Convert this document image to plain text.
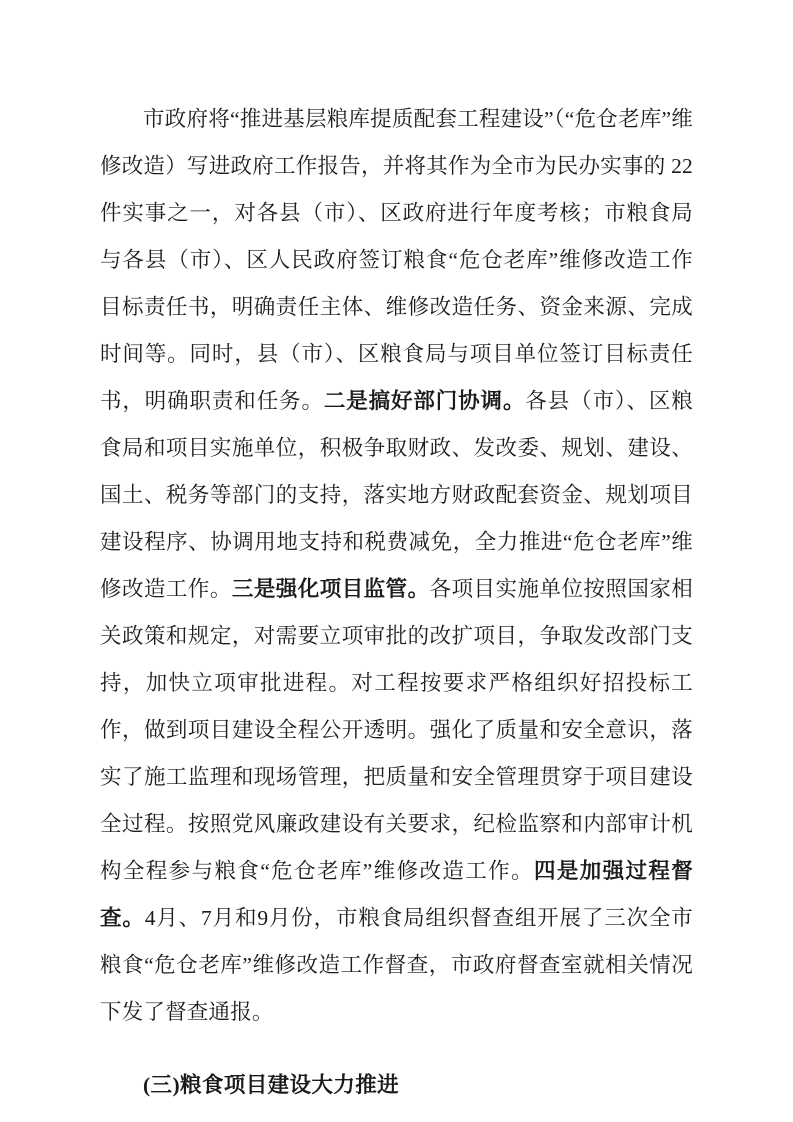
市政府将“推进基层粮库提质配套工程建设”（“危仓老库”维修改造）写进政府工作报告，并将其作为全市为民办实事的 22 件实事之一，对各县（市）、区政府进行年度考核；市粮食局与各县（市）、区人民政府签订粮食“危仓老库”维修改造工作目标责任书，明确责任主体、维修改造任务、资金来源、完成时间等。同时，县（市）、区粮食局与项目单位签订目标责任书，明确职责和任务。二是搞好部门协调。各县（市）、区粮食局和项目实施单位，积极争取财政、发改委、规划、建设、国土、税务等部门的支持，落实地方财政配套资金、规划项目建设程序、协调用地支持和税费减免，全力推进“危仓老库”维修改造工作。三是强化项目监管。各项目实施单位按照国家相关政策和规定，对需要立项审批的改扩项目，争取发改部门支持，加快立项审批进程。对工程按要求严格组织好招投标工作，做到项目建设全程公开透明。强化了质量和安全意识，落实了施工监理和现场管理，把质量和安全管理贯穿于项目建设全过程。按照党风廉政建设有关要求，纪检监察和内部审计机构全程参与粮食“危仓老库”维修改造工作。四是加强过程督查。4月、7月和9月份，市粮食局组织督查组开展了三次全市粮食“危仓老库”维修改造工作督查，市政府督查室就相关情况下发了督查通报。

(三)粮食项目建设大力推进
